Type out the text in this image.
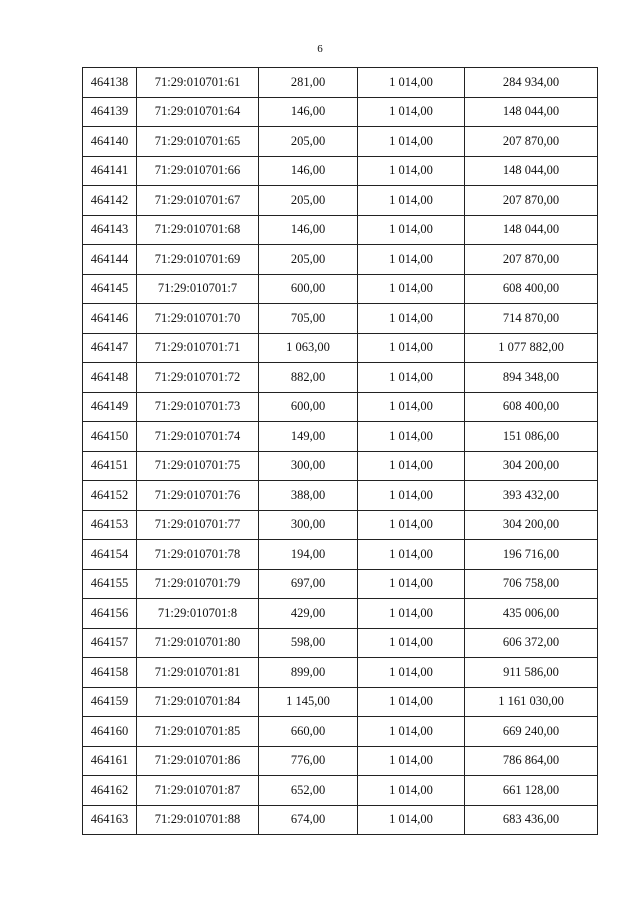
6
464138	71:29:010701:61	281,00	1 014,00	284 934,00
464139	71:29:010701:64	146,00	1 014,00	148 044,00
464140	71:29:010701:65	205,00	1 014,00	207 870,00
464141	71:29:010701:66	146,00	1 014,00	148 044,00
464142	71:29:010701:67	205,00	1 014,00	207 870,00
464143	71:29:010701:68	146,00	1 014,00	148 044,00
464144	71:29:010701:69	205,00	1 014,00	207 870,00
464145	71:29:010701:7	600,00	1 014,00	608 400,00
464146	71:29:010701:70	705,00	1 014,00	714 870,00
464147	71:29:010701:71	1 063,00	1 014,00	1 077 882,00
464148	71:29:010701:72	882,00	1 014,00	894 348,00
464149	71:29:010701:73	600,00	1 014,00	608 400,00
464150	71:29:010701:74	149,00	1 014,00	151 086,00
464151	71:29:010701:75	300,00	1 014,00	304 200,00
464152	71:29:010701:76	388,00	1 014,00	393 432,00
464153	71:29:010701:77	300,00	1 014,00	304 200,00
464154	71:29:010701:78	194,00	1 014,00	196 716,00
464155	71:29:010701:79	697,00	1 014,00	706 758,00
464156	71:29:010701:8	429,00	1 014,00	435 006,00
464157	71:29:010701:80	598,00	1 014,00	606 372,00
464158	71:29:010701:81	899,00	1 014,00	911 586,00
464159	71:29:010701:84	1 145,00	1 014,00	1 161 030,00
464160	71:29:010701:85	660,00	1 014,00	669 240,00
464161	71:29:010701:86	776,00	1 014,00	786 864,00
464162	71:29:010701:87	652,00	1 014,00	661 128,00
464163	71:29:010701:88	674,00	1 014,00	683 436,00
